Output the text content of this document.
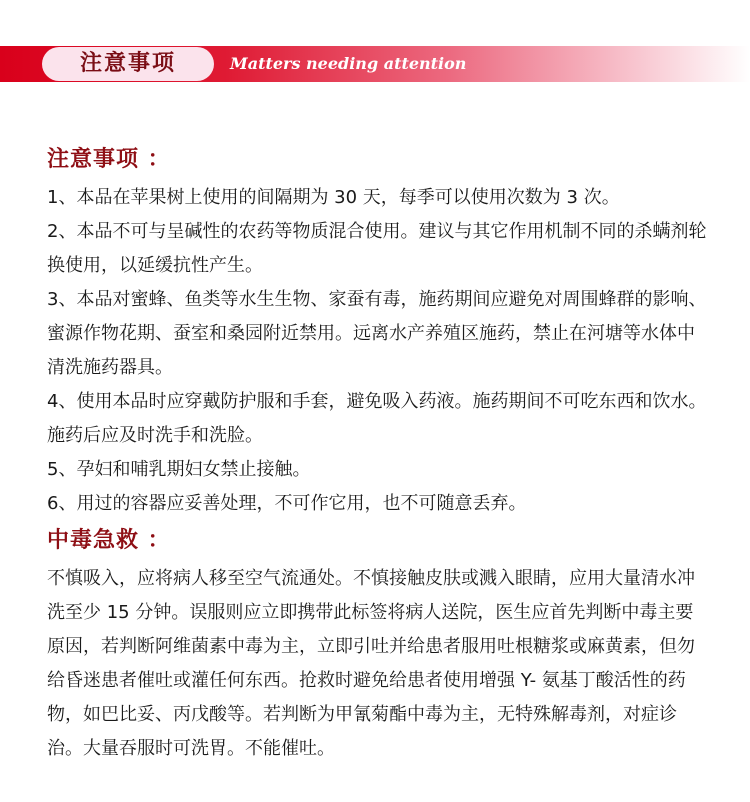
注意事项	Matters needing attention
注意事项 ：

1、本品在苹果树上使用的间隔期为 30 天，每季可以使用次数为 3 次。

2、本品不可与呈碱性的农药等物质混合使用。建议与其它作用机制不同的杀螨剂轮换使用，以延缓抗性产生。

3、本品对蜜蜂、鱼类等水生生物、家蚕有毒，施药期间应避免对周围蜂群的影响、蜜源作物花期、蚕室和桑园附近禁用。远离水产养殖区施药，禁止在河塘等水体中清洗施药器具。

4、使用本品时应穿戴防护服和手套，避免吸入药液。施药期间不可吃东西和饮水。施药后应及时洗手和洗脸。

5、孕妇和哺乳期妇女禁止接触。

6、用过的容器应妥善处理，不可作它用，也不可随意丢弃。

中毒急救 ：

不慎吸入，应将病人移至空气流通处。不慎接触皮肤或溅入眼睛，应用大量清水冲洗至少 15 分钟。误服则应立即携带此标签将病人送院，医生应首先判断中毒主要原因，若判断阿维菌素中毒为主，立即引吐并给患者服用吐根糖浆或麻黄素，但勿给昏迷患者催吐或灌任何东西。抢救时避免给患者使用增强 Y- 氨基丁酸活性的药物，如巴比妥、丙戊酸等。若判断为甲氰菊酯中毒为主，无特殊解毒剂，对症诊治。大量吞服时可洗胃。不能催吐。
